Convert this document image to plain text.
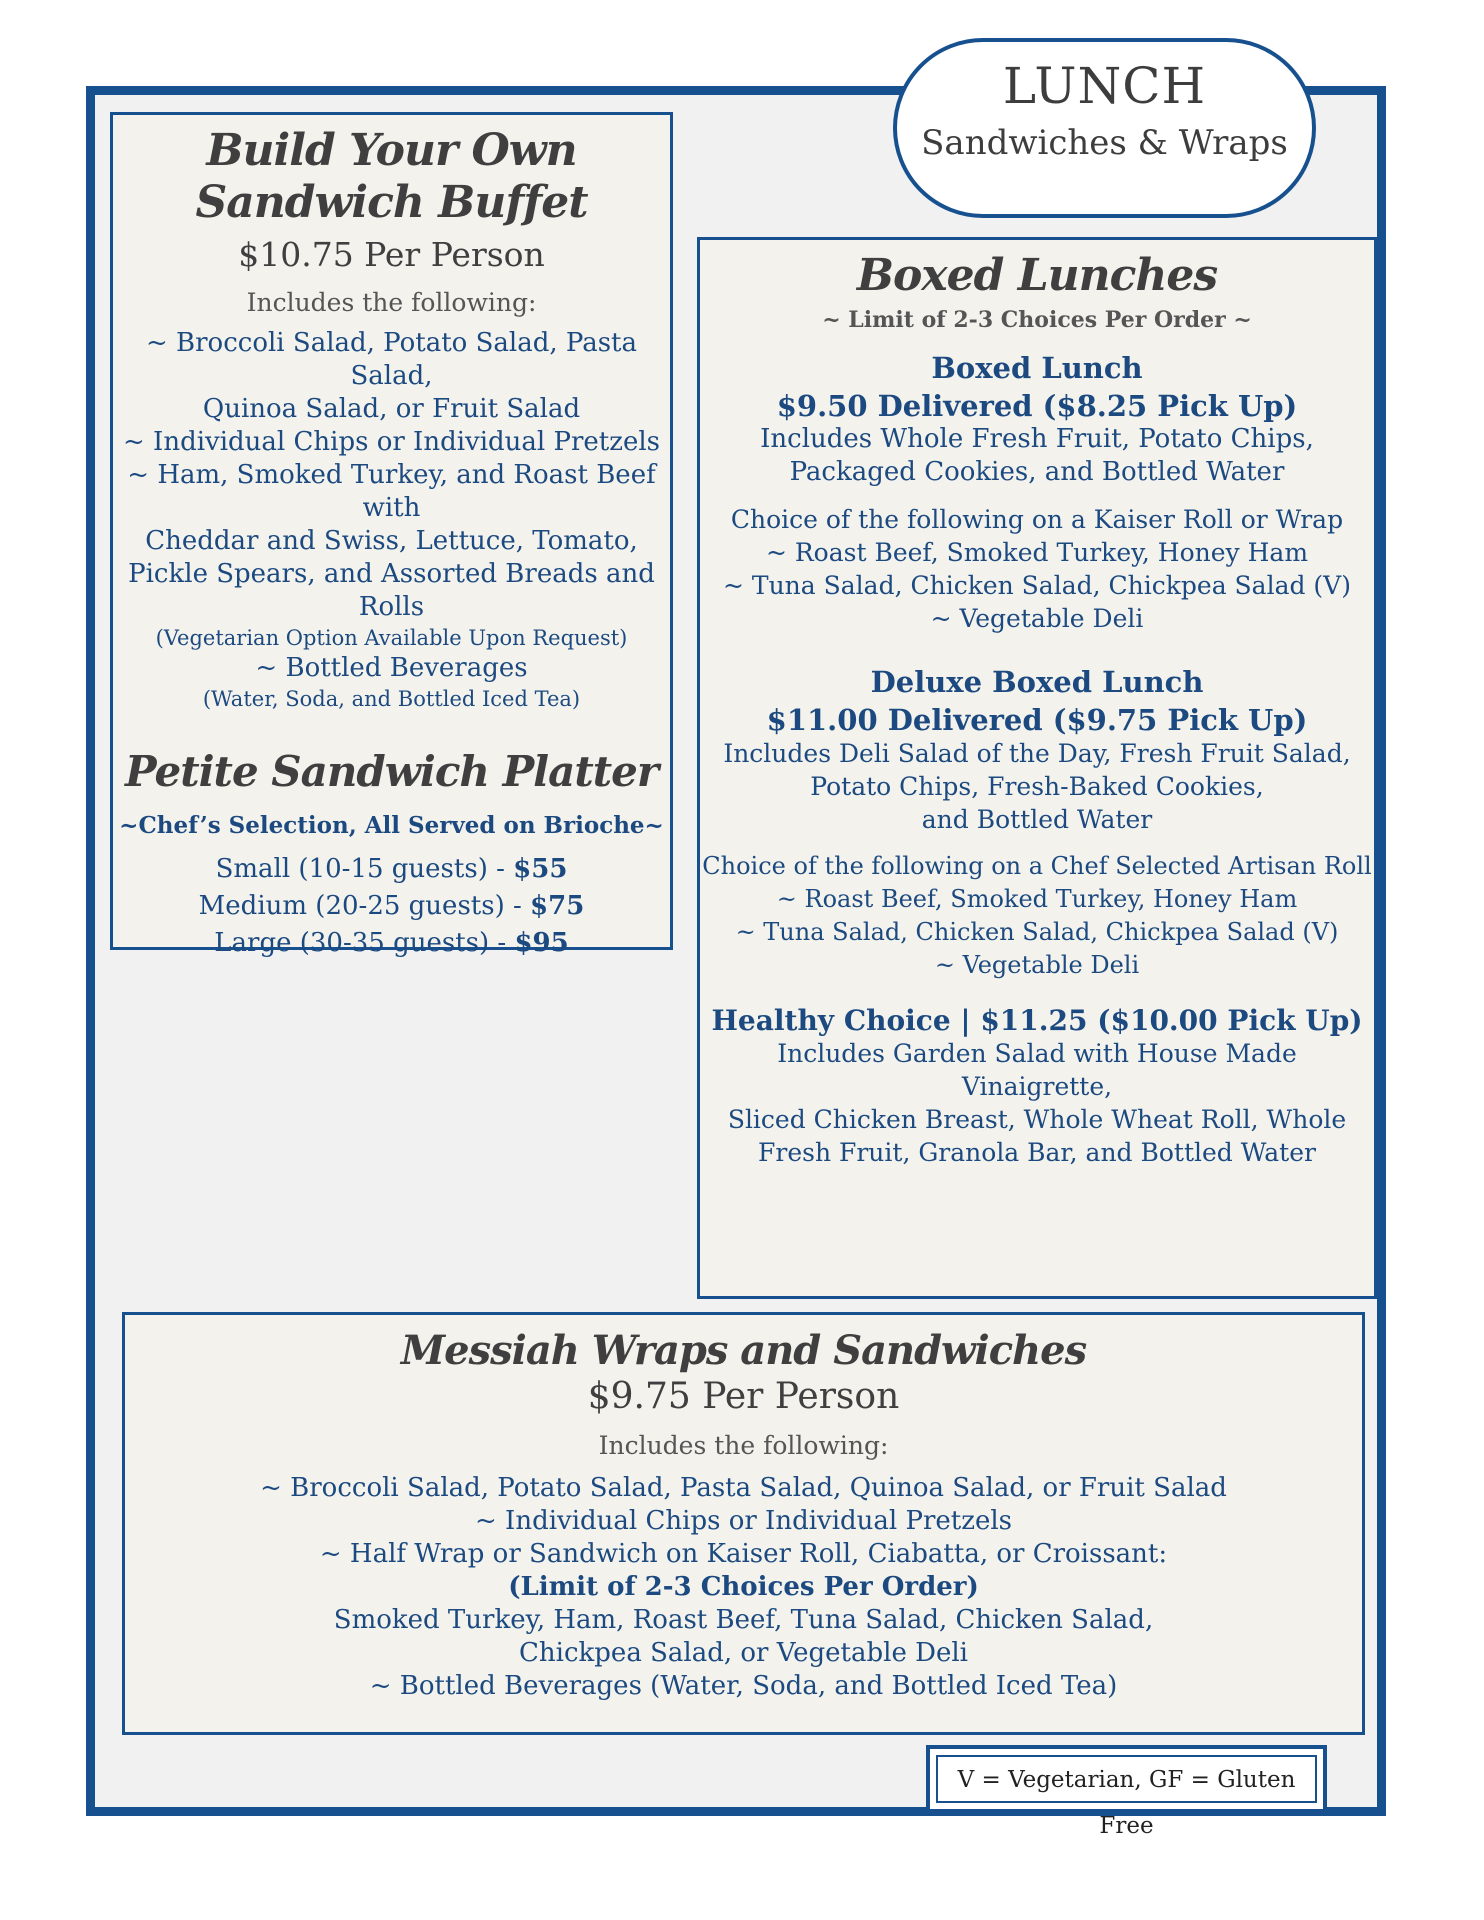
LUNCH
Sandwiches & Wraps
Build Your Own
Sandwich Buffet
$10.75 Per Person
Includes the following:
~ Broccoli Salad, Potato Salad, Pasta Salad,
Quinoa Salad, or Fruit Salad
~ Individual Chips or Individual Pretzels
~ Ham, Smoked Turkey, and Roast Beef with
Cheddar and Swiss, Lettuce, Tomato,
Pickle Spears, and Assorted Breads and Rolls
(Vegetarian Option Available Upon Request)
~ Bottled Beverages
(Water, Soda, and Bottled Iced Tea)
Petite Sandwich Platter
~Chef’s Selection, All Served on Brioche~
Small (10-15 guests) - $55
Medium (20-25 guests) - $75
Large (30-35 guests) - $95
Boxed Lunches
~ Limit of 2-3 Choices Per Order ~
Boxed Lunch
$9.50 Delivered ($8.25 Pick Up)
Includes Whole Fresh Fruit, Potato Chips,
Packaged Cookies, and Bottled Water
Choice of the following on a Kaiser Roll or Wrap
~ Roast Beef, Smoked Turkey, Honey Ham
~ Tuna Salad, Chicken Salad, Chickpea Salad (V)
~ Vegetable Deli
Deluxe Boxed Lunch
$11.00 Delivered ($9.75 Pick Up)
Includes Deli Salad of the Day, Fresh Fruit Salad,
Potato Chips, Fresh-Baked Cookies,
and Bottled Water
Choice of the following on a Chef Selected Artisan Roll
~ Roast Beef, Smoked Turkey, Honey Ham
~ Tuna Salad, Chicken Salad, Chickpea Salad (V)
~ Vegetable Deli
Healthy Choice | $11.25 ($10.00 Pick Up)
Includes Garden Salad with House Made Vinaigrette,
Sliced Chicken Breast, Whole Wheat Roll, Whole
Fresh Fruit, Granola Bar, and Bottled Water
Messiah Wraps and Sandwiches
$9.75 Per Person
Includes the following:
~ Broccoli Salad, Potato Salad, Pasta Salad, Quinoa Salad, or Fruit Salad
~ Individual Chips or Individual Pretzels
~ Half Wrap or Sandwich on Kaiser Roll, Ciabatta, or Croissant:
(Limit of 2-3 Choices Per Order)
Smoked Turkey, Ham, Roast Beef, Tuna Salad, Chicken Salad,
Chickpea Salad, or Vegetable Deli
~ Bottled Beverages (Water, Soda, and Bottled Iced Tea)
V = Vegetarian, GF = Gluten Free
